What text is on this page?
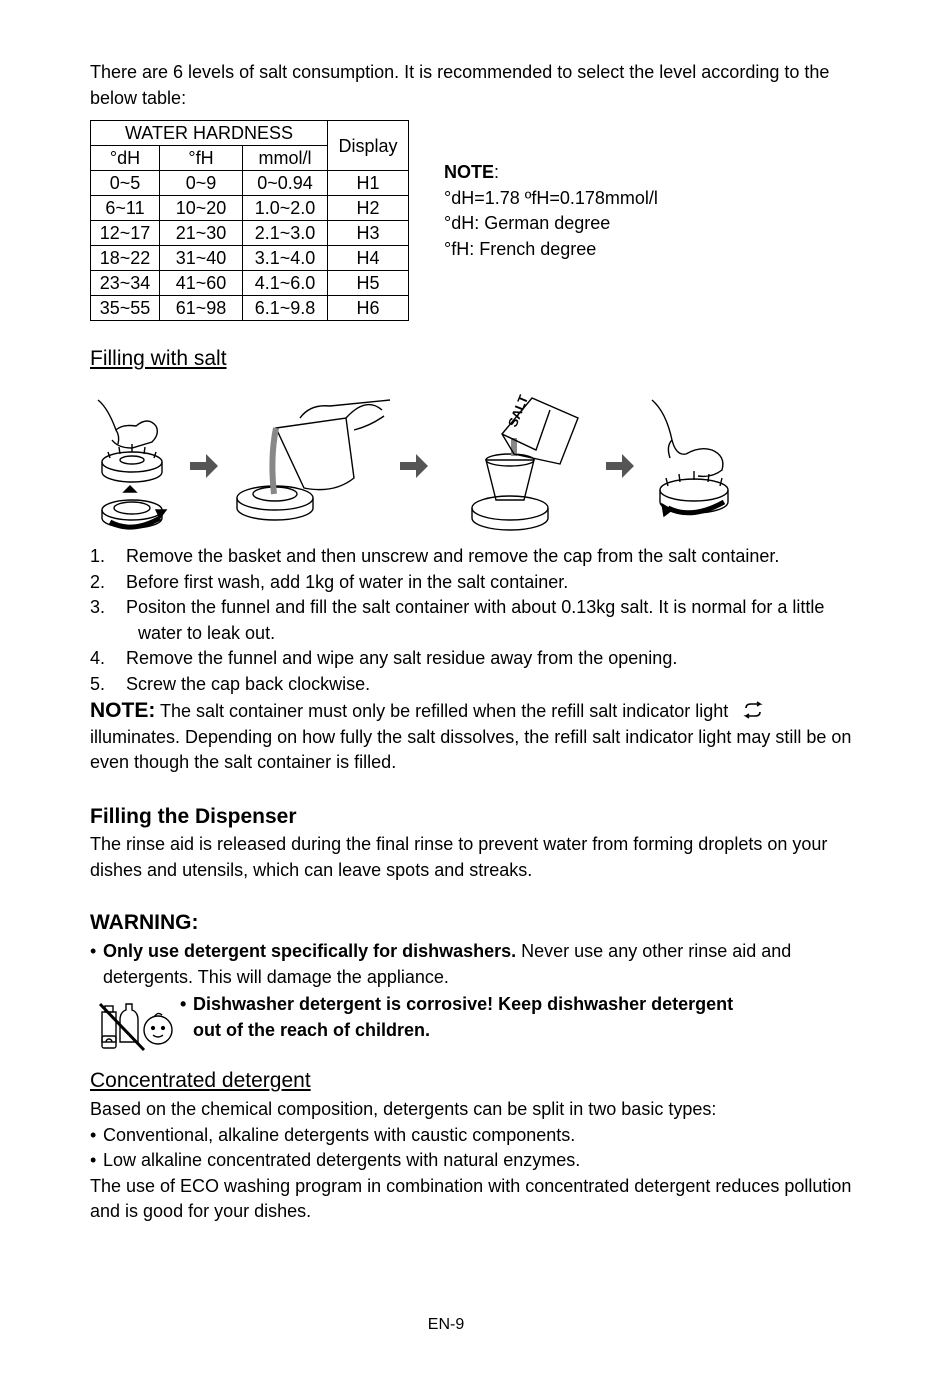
There are 6 levels of salt consumption. It is recommended to select the level according to the below table:

WATER HARDNESS			Display
°dH	°fH	mmol/l	
0~5	0~9	0~0.94	H1
6~11	10~20	1.0~2.0	H2
12~17	21~30	2.1~3.0	H3
18~22	31~40	3.1~4.0	H4
23~34	41~60	4.1~6.0	H5
35~55	61~98	6.1~9.8	H6
NOTE:
°dH=1.78 ºfH=0.178mmol/l
°dH: German degree
°fH: French degree
Filling with salt
SALT
1.	Remove the basket and then unscrew and remove the cap from the salt container.
2.	Before first wash, add 1kg of water in the salt container.
3.	Positon the funnel and fill the salt container with about 0.13kg salt. It is normal for a little water to leak out.
4.	Remove the funnel and wipe any salt residue away from the opening.
5.	Screw the cap back clockwise.

NOTE: The salt container must only be refilled when the refill salt indicator light
illuminates. Depending on how fully the salt dissolves, the refill salt indicator light may still be on even though the salt container is filled.

Filling the Dispenser

The rinse aid is released during the final rinse to prevent water from forming droplets on your dishes and utensils, which can leave spots and streaks.

WARNING:
• Only use detergent specifically for dishwashers. Never use any other rinse aid and detergents. This will damage the appliance.
• Dishwasher detergent is corrosive! Keep dishwasher detergent
out of the reach of children.
Concentrated detergent

Based on the chemical composition, detergents can be split in two basic types:

• Conventional, alkaline detergents with caustic components.
• Low alkaline concentrated detergents with natural enzymes.

The use of ECO washing program in combination with concentrated detergent reduces pollution and is good for your dishes.

EN-9
